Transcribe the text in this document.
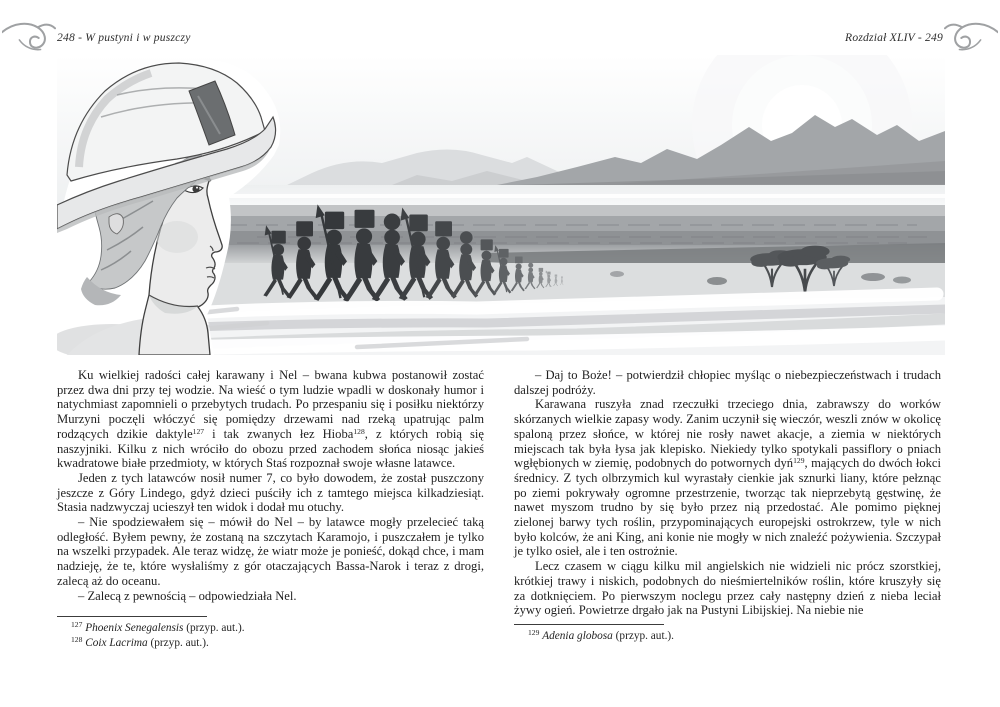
248 - W pustyni i w puszczy	Rozdział XLIV - 249

Ku wielkiej radości całej karawany i Nel – bwana kubwa postanowił zostać przez dwa dni przy tej wodzie. Na wieść o tym ludzie wpadli w doskonały humor i natychmiast zapomnieli o przebytych trudach. Po przespaniu się i posiłku niektórzy Murzyni poczęli włóczyć się pomiędzy drzewami nad rzeką upatrując palm rodzących dzikie daktyle$^{127}$ i tak zwanych łez Hioba$^{128}$, z których robią się naszyjniki. Kilku z nich wróciło do obozu przed zachodem słońca niosąc jakieś kwadratowe białe przedmioty, w których Staś rozpoznał swoje własne latawce.

Jeden z tych latawców nosił numer 7, co było dowodem, że został puszczony jeszcze z Góry Lindego, gdyż dzieci puściły ich z tamtego miejsca kilkadziesiąt. Stasia nadzwyczaj ucieszył ten widok i dodał mu otuchy.

– Nie spodziewałem się – mówił do Nel – by latawce mogły przelecieć taką odległość. Byłem pewny, że zostaną na szczytach Karamojo, i puszczałem je tylko na wszelki przypadek. Ale teraz widzę, że wiatr może je ponieść, dokąd chce, i mam nadzieję, że te, które wysłaliśmy z gór otaczających Bassa-Narok i teraz z drogi, zalecą aż do oceanu.

– Zalecą z pewnością – odpowiedziała Nel.

– Daj to Boże! – potwierdził chłopiec myśląc o niebezpieczeństwach i trudach dalszej podróży.

Karawana ruszyła znad rzeczułki trzeciego dnia, zabrawszy do worków skórzanych wielkie zapasy wody. Zanim uczynił się wieczór, weszli znów w okolicę spaloną przez słońce, w której nie rosły nawet akacje, a ziemia w niektórych miejscach tak była łysa jak klepisko. Niekiedy tylko spotykali passiflory o pniach wgłębionych w ziemię, podobnych do potwornych dyń$^{129}$, mających do dwóch łokci średnicy. Z tych olbrzymich kul wyrastały cienkie jak sznurki liany, które pełznąc po ziemi pokrywały ogromne przestrzenie, tworząc tak nieprzebytą gęstwinę, że nawet myszom trudno by się było przez nią przedostać. Ale pomimo pięknej zielonej barwy tych roślin, przypominających europejski ostrokrzew, tyle w nich było kolców, że ani King, ani konie nie mogły w nich znaleźć pożywienia. Szczypał je tylko osieł, ale i ten ostrożnie.

Lecz czasem w ciągu kilku mil angielskich nie widzieli nic prócz szorstkiej, krótkiej trawy i niskich, podobnych do nieśmiertelników roślin, które kruszyły się za dotknięciem. Po pierwszym noclegu przez cały następny dzień z nieba leciał żywy ogień. Powietrze drgało jak na Pustyni Libijskiej. Na niebie nie

$^{127}$ Phoenix Senegalensis (przyp. aut.).

$^{128}$ Coix Lacrima (przyp. aut.).

$^{129}$ Adenia globosa (przyp. aut.).
